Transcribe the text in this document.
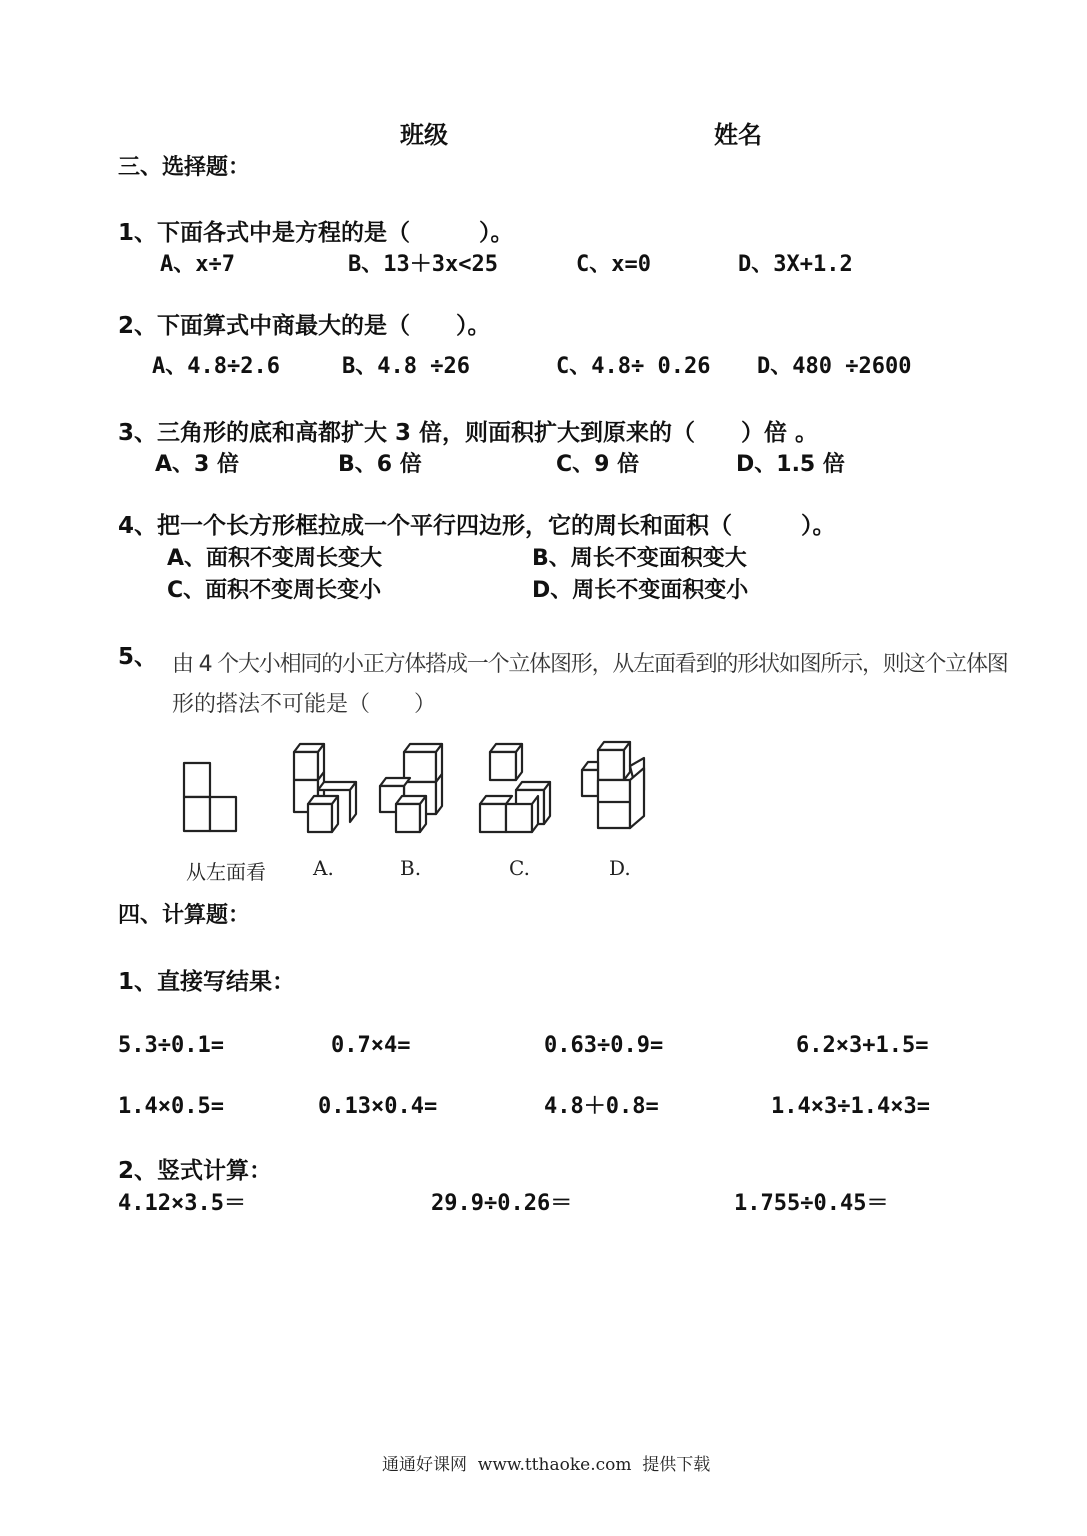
班级	姓名
三、选择题：
1、下面各式中是方程的是（　　　）。
A、x÷7	B、13＋3x<25	C、x=0	D、3X+1.2
2、下面算式中商最大的是（　　）。
A、4.8÷2.6	B、4.8 ÷26	C、4.8÷ 0.26 D、480 ÷2600
3、三角形的底和高都扩大 3 倍，则面积扩大到原来的（　　）倍 。
A、3 倍	B、6 倍	C、9 倍	D、1.5 倍
4、把一个长方形框拉成一个平行四边形，它的周长和面积（　　　）。
A、面积不变周长变大	B、周长不变面积变大
C、面积不变周长变小	D、周长不变面积变小
5、 由 4 个大小相同的小正方体搭成一个立体图形，从左面看到的形状如图所示，则这个立体图
形的搭法不可能是（　　）
从左面看 A.	B.	C.	D.
四、计算题：
1、直接写结果：
5.3÷0.1=	0.7×4=	0.63÷0.9=	6.2×3+1.5=
1.4×0.5=	0.13×0.4=	4.8＋0.8=	1.4×3÷1.4×3=
2、竖式计算：
4.12×3.5＝	29.9÷0.26＝	1.755÷0.45＝
通通好课网  www.tthaoke.com  提供下载
